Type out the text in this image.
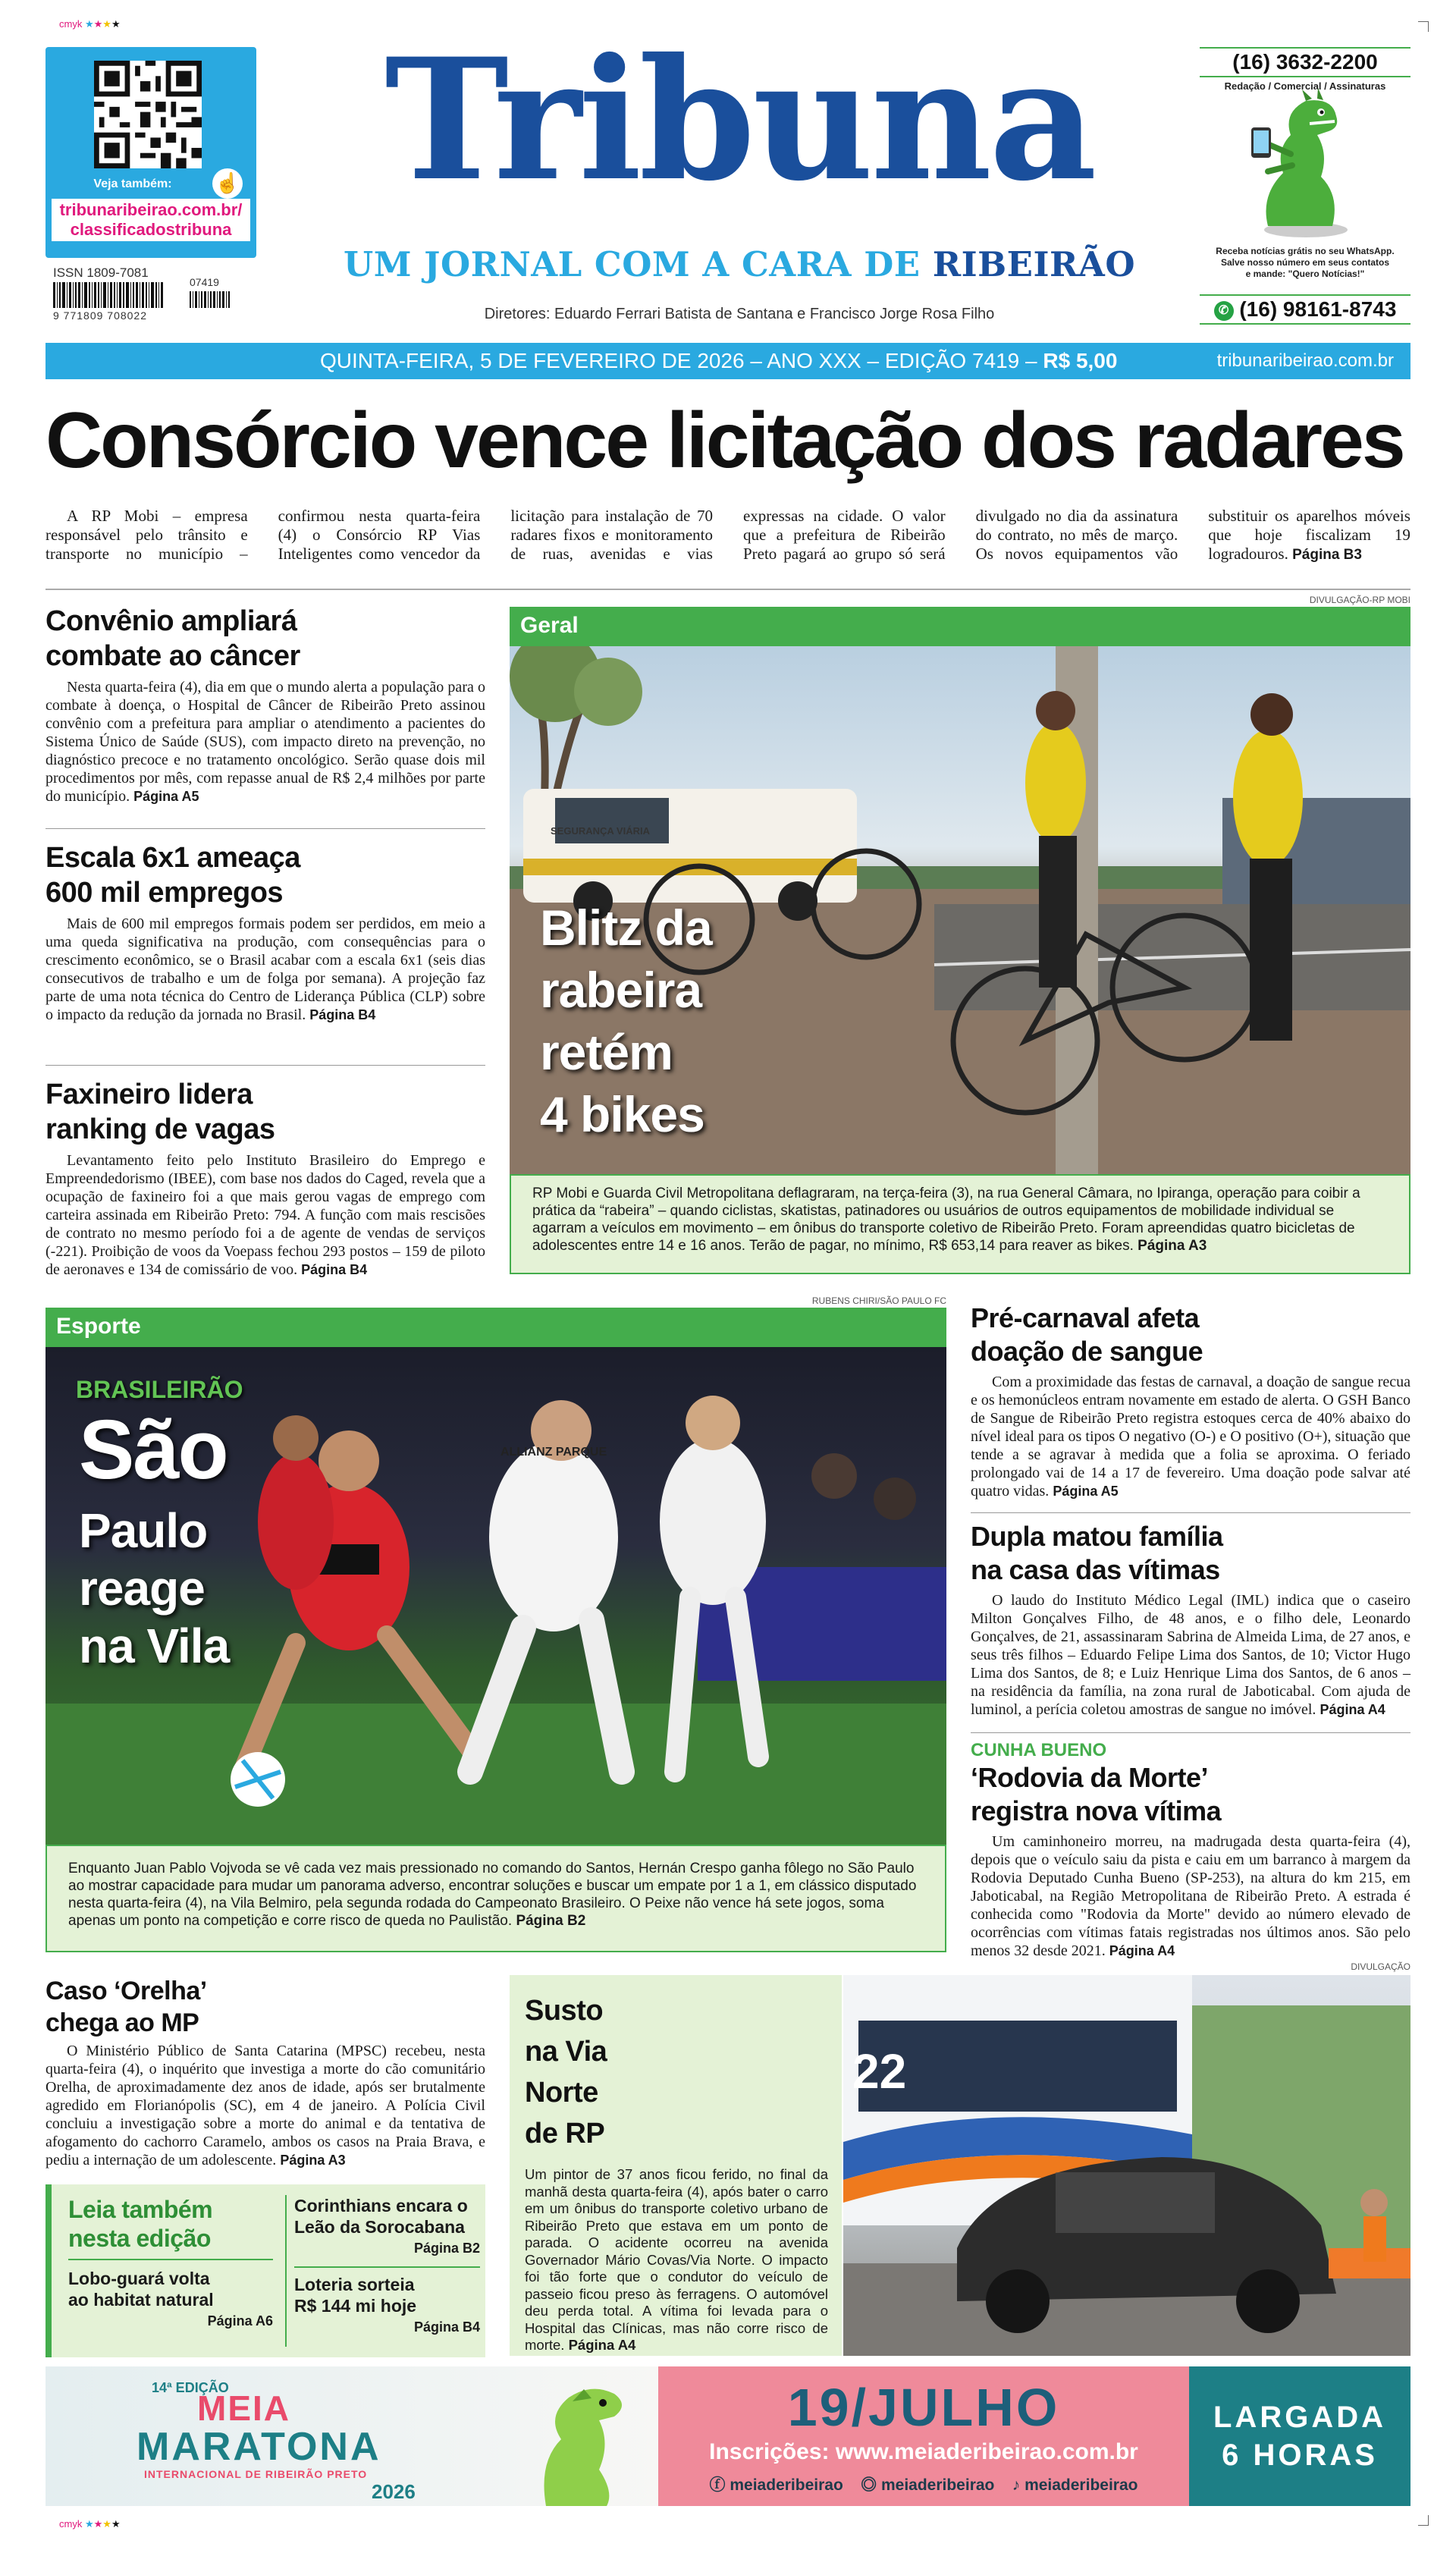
cmyk ★★★★
Veja também:	☝
tribunaribeirao.com.br/
classificadostribuna
ISSN 1809-7081
07419
9 771809 708022
Tribuna
UM JORNAL COM A CARA DE RIBEIRÃO
Diretores: Eduardo Ferrari Batista de Santana e Francisco Jorge Rosa Filho
(16) 3632-2200
Redação / Comercial / Assinaturas
Receba notícias grátis no seu WhatsApp.
Salve nosso número em seus contatos
e mande: "Quero Notícias!"
✆ (16) 98161-8743
QUINTA-FEIRA, 5 DE FEVEREIRO DE 2026 – ANO XXX – EDIÇÃO 7419 – R$ 5,00	tribunaribeirao.com.br
Consórcio vence licitação dos radares
A RP Mobi – empresa responsável pelo trânsito e transporte no município – confirmou nesta quarta-feira (4) o Consórcio RP Vias Inteligentes como vencedor da licitação para instalação de 70 radares fixos e monitoramento de ruas, avenidas e vias expressas na cidade. O valor que a prefeitura de Ribeirão Preto pagará ao grupo só será divulgado no dia da assinatura do contrato, no mês de março. Os novos equipamentos vão substituir os aparelhos móveis que hoje fiscalizam 19 logradouros. Página B3
Convênio ampliará
combate ao câncer

Nesta quarta-feira (4), dia em que o mundo alerta a população para o combate à doença, o Hospital de Câncer de Ribeirão Preto assinou convênio com a prefeitura para ampliar o atendimento a pacientes do Sistema Único de Saúde (SUS), com impacto direto na prevenção, no diagnóstico precoce e no tratamento oncológico. Serão quase dois mil procedimentos por mês, com repasse anual de R$ 2,4 milhões por parte do município. Página A5

Escala 6x1 ameaça
600 mil empregos

Mais de 600 mil empregos formais podem ser perdidos, em meio a uma queda significativa na produção, com consequências para o crescimento econômico, se o Brasil acabar com a escala 6x1 (seis dias consecutivos de trabalho e um de folga por semana). A projeção faz parte de uma nota técnica do Centro de Liderança Pública (CLP) sobre o impacto da redução da jornada no Brasil. Página B4

Faxineiro lidera
ranking de vagas

Levantamento feito pelo Instituto Brasileiro do Emprego e Empreendedorismo (IBEE), com base nos dados do Caged, revela que a ocupação de faxineiro foi a que mais gerou vagas de emprego com carteira assinada em Ribeirão Preto: 794. A função com mais rescisões de contrato no mesmo período foi a de agente de vendas de serviços (-221). Proibição de voos da Voepass fechou 293 postos – 159 de piloto de aeronaves e 134 de comissário de voo. Página B4

DIVULGAÇÃO-RP MOBI
Geral
SEGURANÇA VIÁRIA
Blitz da
rabeira
retém
4 bikes
RP Mobi e Guarda Civil Metropolitana deflagraram, na terça-feira (3), na rua General Câmara, no Ipiranga, operação para coibir a prática da “rabeira” – quando ciclistas, skatistas, patinadores ou usuários de outros equipamentos de mobilidade individual se agarram a veículos em movimento – em ônibus do transporte coletivo de Ribeirão Preto. Foram apreendidas quatro bicicletas de adolescentes entre 14 e 16 anos. Terão de pagar, no mínimo, R$ 653,14 para reaver as bikes. Página A3
RUBENS CHIRI/SÃO PAULO FC
Esporte
ALLIANZ PARQUE
BRASILEIRÃO
São
Paulo
reage
na Vila
Enquanto Juan Pablo Vojvoda se vê cada vez mais pressionado no comando do Santos, Hernán Crespo ganha fôlego no São Paulo ao mostrar capacidade para mudar um panorama adverso, encontrar soluções e buscar um empate por 1 a 1, em clássico disputado nesta quarta-feira (4), na Vila Belmiro, pela segunda rodada do Campeonato Brasileiro. O Peixe não vence há sete jogos, soma apenas um ponto na competição e corre risco de queda no Paulistão. Página B2
Pré-carnaval afeta
doação de sangue

Com a proximidade das festas de carnaval, a doação de sangue recua e os hemonúcleos entram novamente em estado de alerta. O GSH Banco de Sangue de Ribeirão Preto registra estoques cerca de 40% abaixo do nível ideal para os tipos O negativo (O-) e O positivo (O+), situação que tende a se agravar à medida que a folia se aproxima. O feriado prolongado vai de 14 a 17 de fevereiro. Uma doação pode salvar até quatro vidas. Página A5

Dupla matou família
na casa das vítimas

O laudo do Instituto Médico Legal (IML) indica que o caseiro Milton Gonçalves Filho, de 48 anos, e o filho dele, Leonardo Gonçalves, de 21, assassinaram Sabrina de Almeida Lima, de 27 anos, e seus três filhos – Eduardo Felipe Lima dos Santos, de 10; Victor Hugo Lima dos Santos, de 8; e Luiz Henrique Lima dos Santos, de 6 anos – na residência da família, na zona rural de Jaboticabal. Com ajuda de luminol, a perícia coletou amostras de sangue no imóvel. Página A4

CUNHA BUENO
‘Rodovia da Morte’
registra nova vítima

Um caminhoneiro morreu, na madrugada desta quarta-feira (4), depois que o veículo saiu da pista e caiu em um barranco à margem da Rodovia Deputado Cunha Bueno (SP-253), na altura do km 215, em Jaboticabal, na Região Metropolitana de Ribeirão Preto. A estrada é conhecida como "Rodovia da Morte" devido ao número elevado de ocorrências com vítimas fatais registradas nos últimos anos. São pelo menos 32 desde 2021. Página A4

Caso ‘Orelha’
chega ao MP

O Ministério Público de Santa Catarina (MPSC) recebeu, nesta quarta-feira (4), o inquérito que investiga a morte do cão comunitário Orelha, de aproximadamente dez anos de idade, após ser brutalmente agredido em Florianópolis (SC), em 4 de janeiro. A Polícia Civil concluiu a investigação sobre a morte do animal e da tentativa de afogamento do cachorro Caramelo, ambos os casos na Praia Brava, e pediu a internação de um adolescente. Página A3

Leia também
nesta edição
Lobo-guará volta
ao habitat natural
Página A6
Corinthians encara o
Leão da Sorocabana
Página B2
Loteria sorteia
R$ 144 mi hoje
Página B4
Susto
na Via
Norte
de RP

Um pintor de 37 anos ficou ferido, no final da manhã desta quarta-feira (4), após bater o carro em um ônibus do transporte coletivo urbano de Ribeirão Preto que estava em um ponto de parada. O acidente ocorreu na avenida Governador Mário Covas/Via Norte. O impacto foi tão forte que o condutor do veículo de passeio ficou preso às ferragens. O automóvel deu perda total. A vítima foi levada para o Hospital das Clínicas, mas não corre risco de morte. Página A4

DIVULGAÇÃO
22
14ª EDIÇÃO
MEIA
MARATONA
INTERNACIONAL DE RIBEIRÃO PRETO
2026
19/JULHO
Inscrições: www.meiaderibeirao.com.br
ⓕ meiaderibeirao ◎ meiaderibeirao ♪ meiaderibeirao
LARGADA
6 HORAS
cmyk ★★★★
